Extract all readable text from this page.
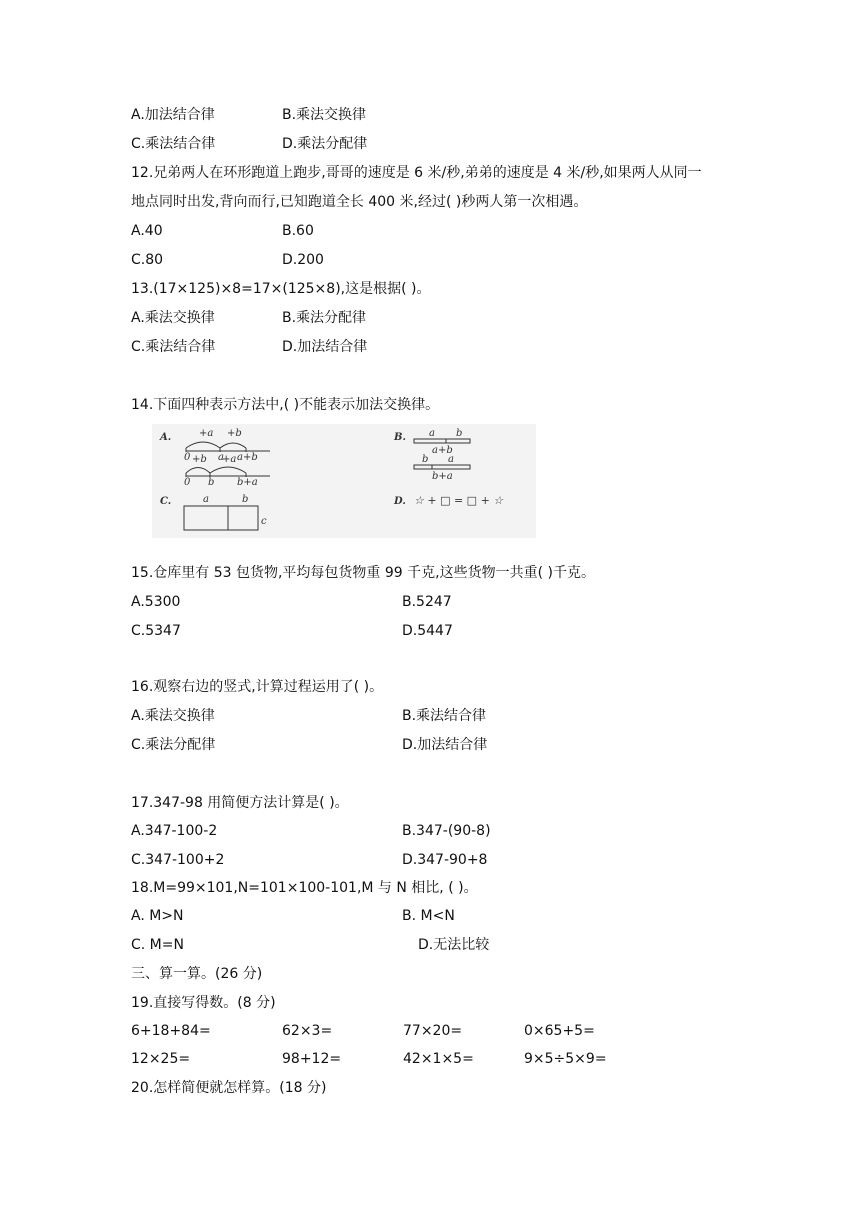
A.加法结合律	B.乘法交换律
C.乘法结合律	D.乘法分配律
12.兄弟两人在环形跑道上跑步,哥哥的速度是 6 米/秒,弟弟的速度是 4 米/秒,如果两人从同一
地点同时出发,背向而行,已知跑道全长 400 米,经过( )秒两人第一次相遇。
A.40	B.60
C.80	D.200
13.(17×125)×8=17×(125×8),这是根据( )。
A.乘法交换律	B.乘法分配律
C.乘法结合律	D.加法结合律
14.下面四种表示方法中,( )不能表示加法交换律。
A.	+a +b
0	a a+b
+b +a
0 b b+a
B. a b
a+b
b a
b+a
C.	a	b
c
D. ☆ + □ = □ + ☆
15.仓库里有 53 包货物,平均每包货物重 99 千克,这些货物一共重( )千克。
A.5300	B.5247
C.5347	D.5447
16.观察右边的竖式,计算过程运用了( )。
A.乘法交换律	B.乘法结合律
C.乘法分配律	D.加法结合律
17.347-98 用简便方法计算是( )。
A.347-100-2	B.347-(90-8)
C.347-100+2	D.347-90+8
18.M=99×101,N=101×100-101,M 与 N 相比, ( )。
A. M>N	B. M<N
C. M=N	D.无法比较
三、算一算。(26 分)
19.直接写得数。(8 分)
6+18+84=	62×3=	77×20=	0×65+5=
12×25=	98+12=	42×1×5=	9×5÷5×9=
20.怎样简便就怎样算。(18 分)
